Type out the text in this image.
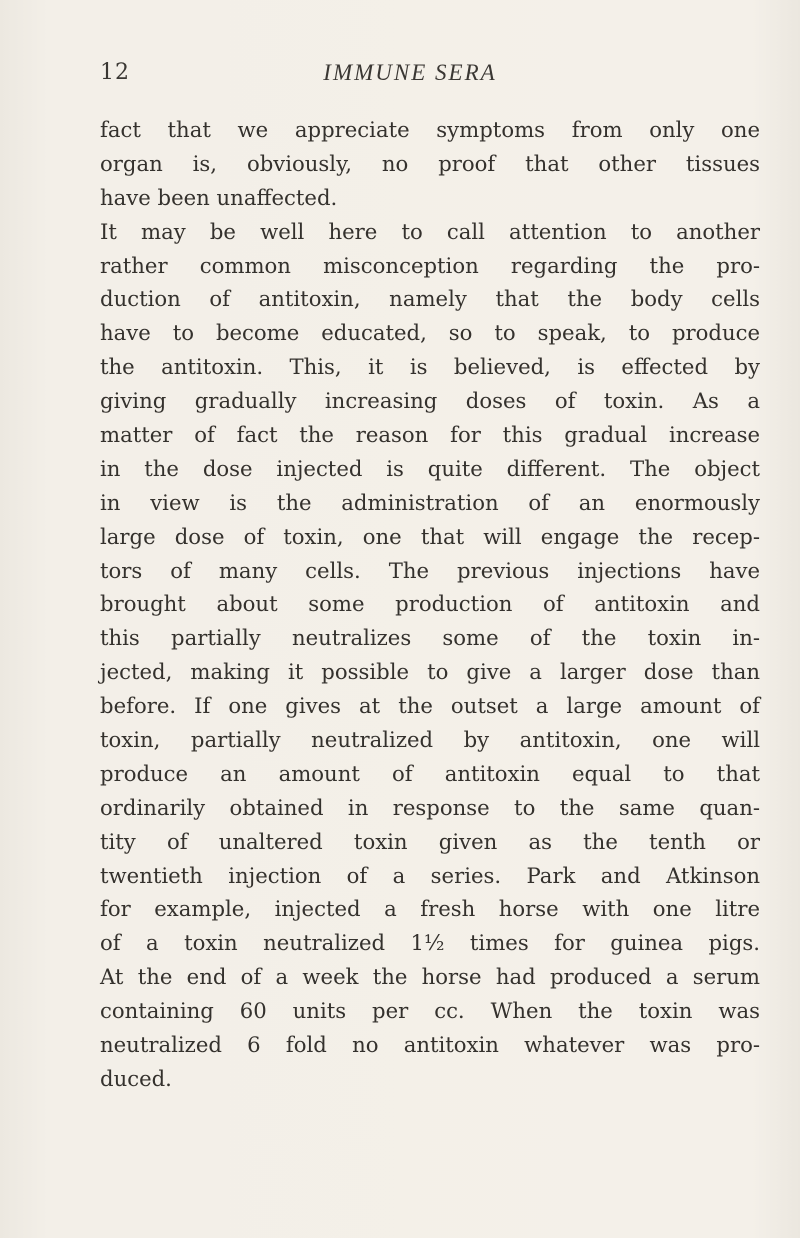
12	IMMUNE SERA
fact that we appreciate symptoms from only one
organ is, obviously, no proof that other tissues
have been unaffected.
It may be well here to call attention to another
rather common misconception regarding the pro-
duction of antitoxin, namely that the body cells
have to become educated, so to speak, to produce
the antitoxin. This, it is believed, is effected by
giving gradually increasing doses of toxin. As a
matter of fact the reason for this gradual increase
in the dose injected is quite different. The object
in view is the administration of an enormously
large dose of toxin, one that will engage the recep-
tors of many cells. The previous injections have
brought about some production of antitoxin and
this partially neutralizes some of the toxin in-
jected, making it possible to give a larger dose than
before. If one gives at the outset a large amount of
toxin, partially neutralized by antitoxin, one will
produce an amount of antitoxin equal to that
ordinarily obtained in response to the same quan-
tity of unaltered toxin given as the tenth or
twentieth injection of a series. Park and Atkinson
for example, injected a fresh horse with one litre
of a toxin neutralized 1½ times for guinea pigs.
At the end of a week the horse had produced a serum
containing 60 units per cc. When the toxin was
neutralized 6 fold no antitoxin whatever was pro-
duced.
